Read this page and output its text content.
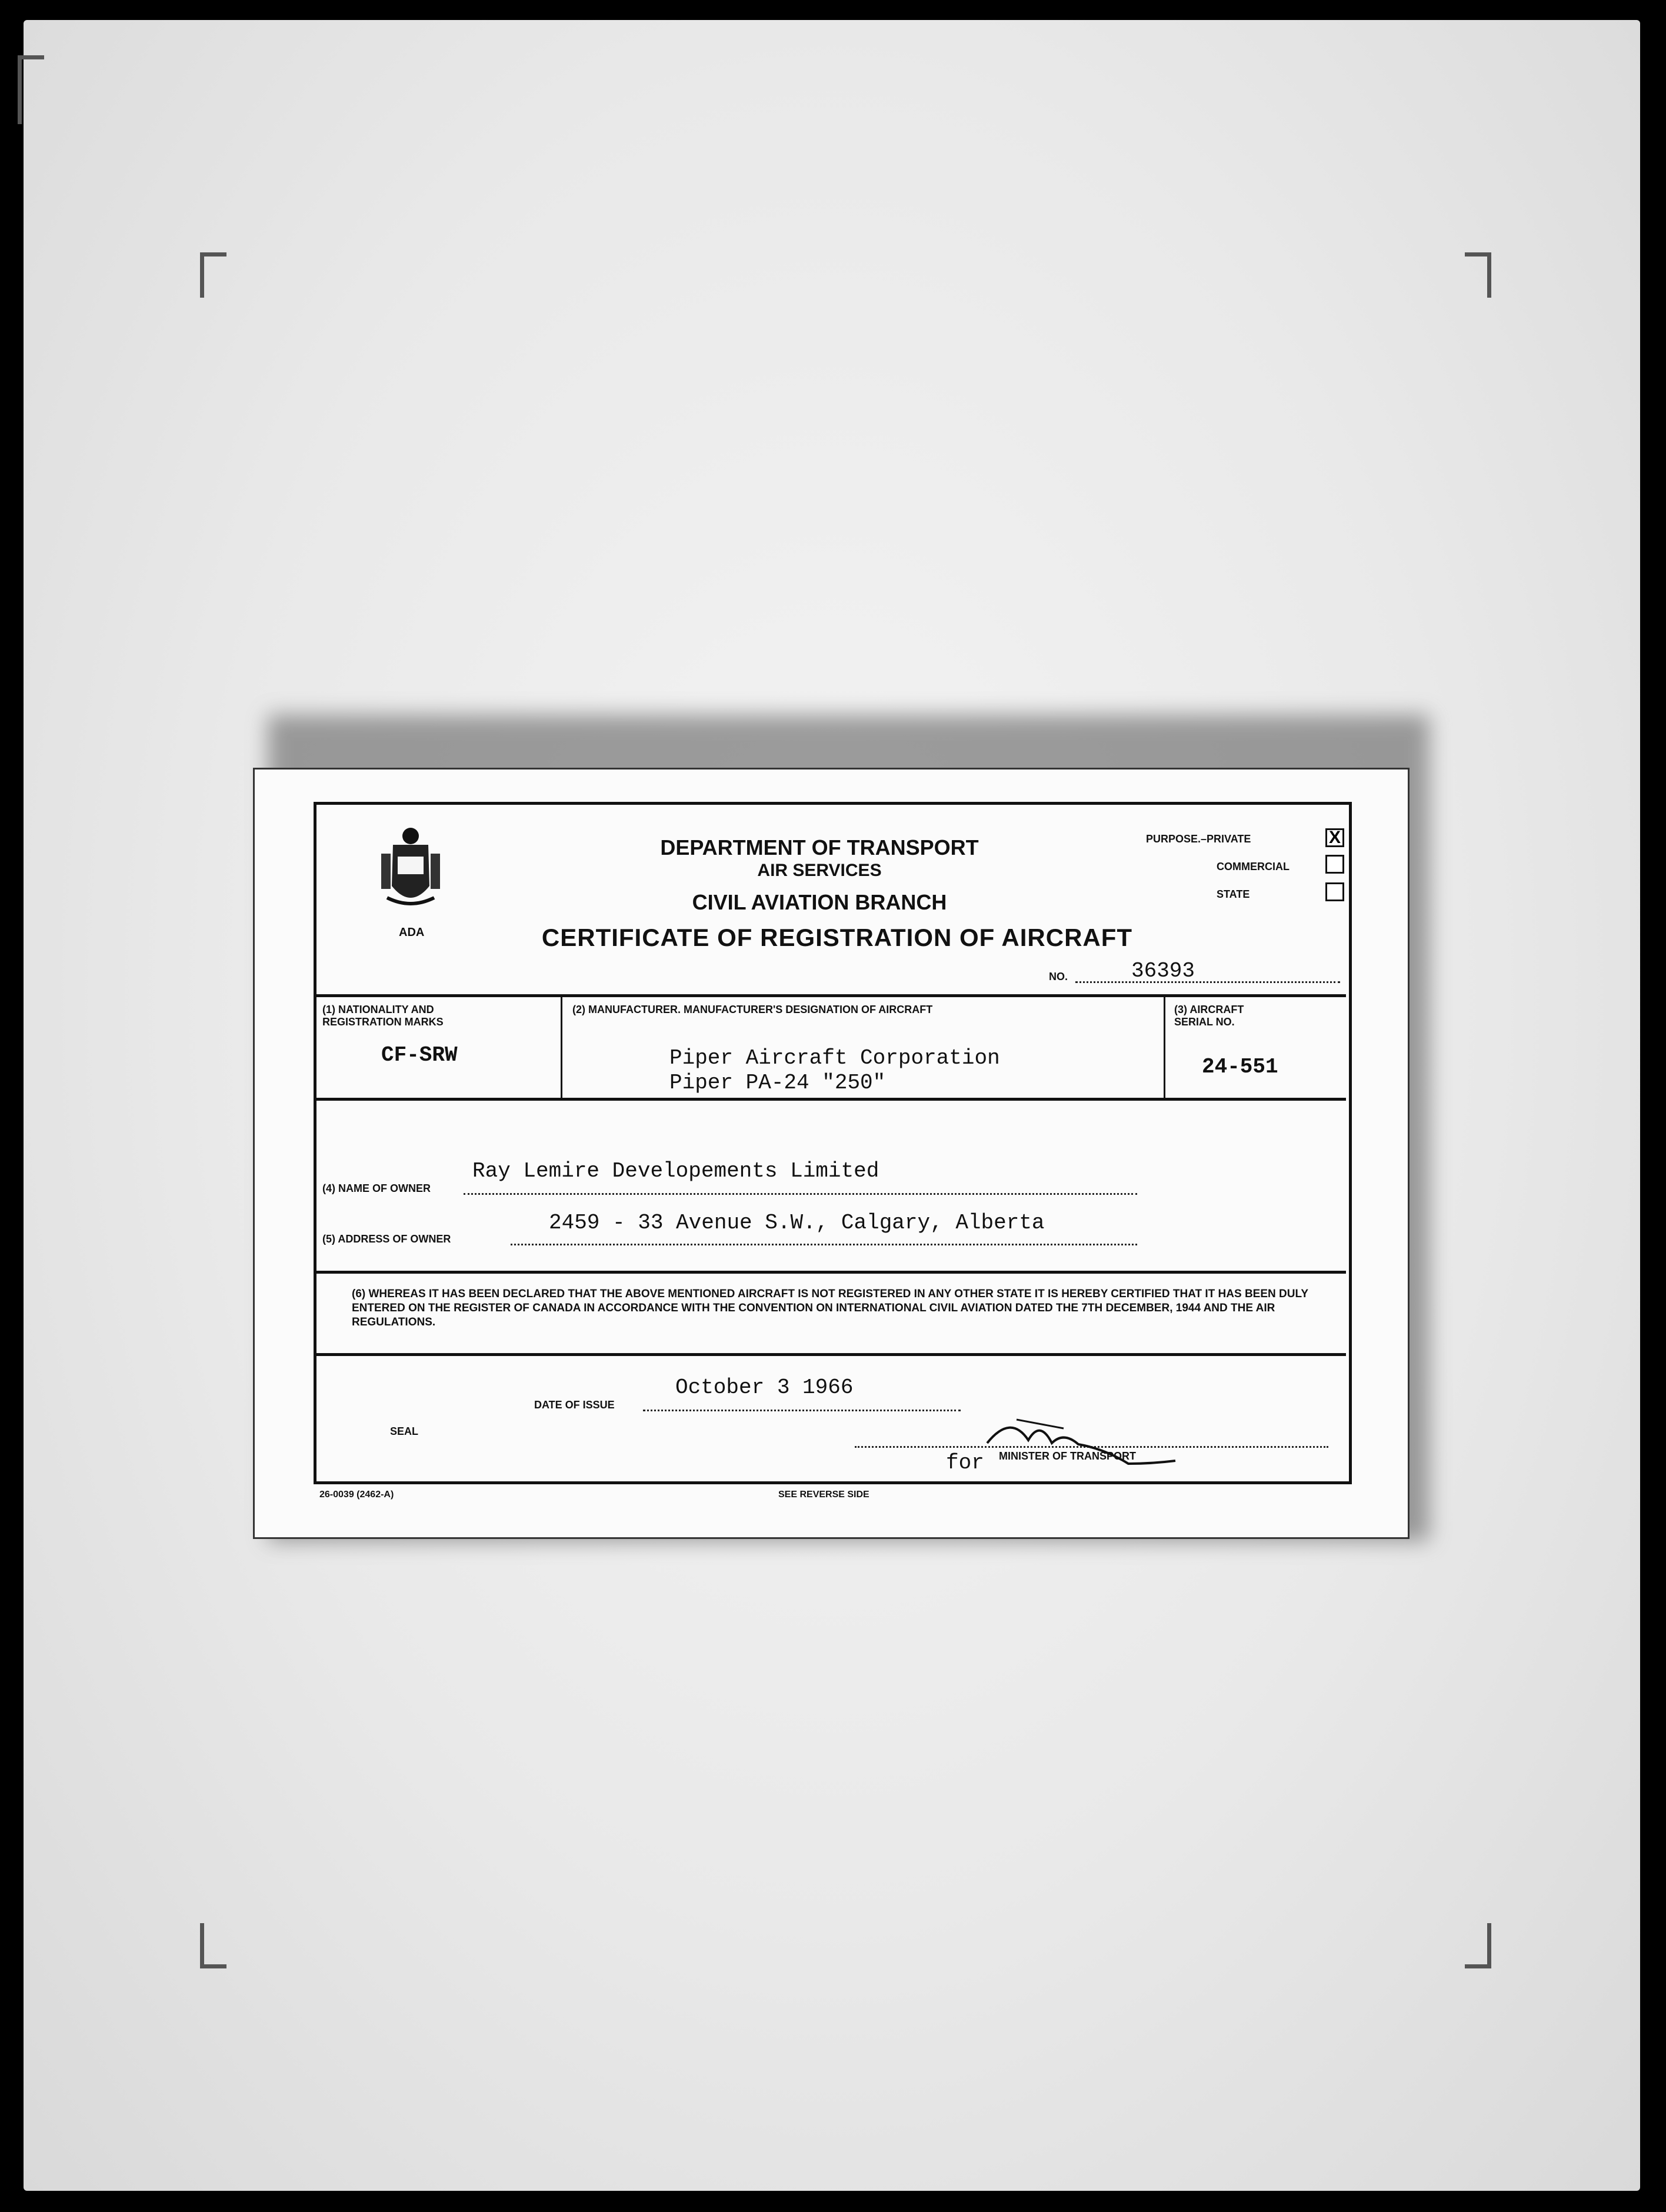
ADA
DEPARTMENT OF TRANSPORT
AIR SERVICES
CIVIL AVIATION BRANCH
CERTIFICATE OF REGISTRATION OF AIRCRAFT
PURPOSE.–PRIVATE	X
COMMERCIAL
STATE
NO.	36393
(1) NATIONALITY AND
REGISTRATION MARKS
CF-SRW
(2) MANUFACTURER. MANUFACTURER'S DESIGNATION OF AIRCRAFT
Piper Aircraft Corporation
Piper PA-24 "250"
(3) AIRCRAFT
SERIAL NO.
24-551
(4) NAME OF OWNER
Ray Lemire Developements Limited
(5) ADDRESS OF OWNER
2459 - 33 Avenue S.W., Calgary, Alberta
(6) WHEREAS IT HAS BEEN DECLARED THAT THE ABOVE MENTIONED AIRCRAFT IS NOT REGISTERED IN ANY OTHER STATE IT IS HEREBY CERTIFIED THAT IT HAS BEEN DULY ENTERED ON THE REGISTER OF CANADA IN ACCORDANCE WITH THE CONVENTION ON INTERNATIONAL CIVIL AVIATION DATED THE 7TH DECEMBER, 1944 AND THE AIR REGULATIONS.
DATE OF ISSUE
October 3 1966
SEAL
for MINISTER OF TRANSPORT
26-0039 (2462-A)	SEE REVERSE SIDE
